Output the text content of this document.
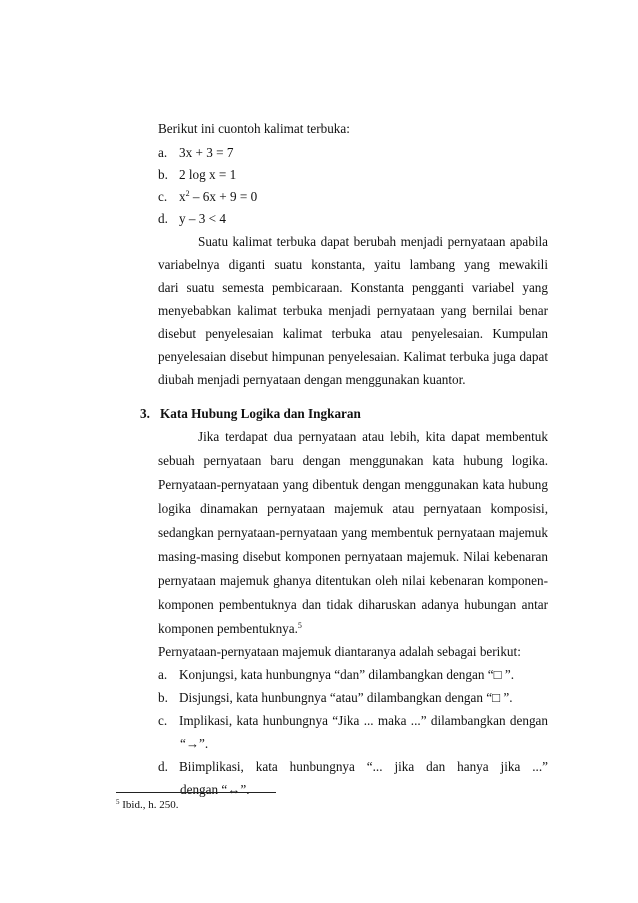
Berikut ini cuontoh kalimat terbuka:
a. 3x + 3 = 7
b. 2 log x = 1
c. $x^2 - 6x + 9 = 0$
d. y – 3 < 4
Suatu kalimat terbuka dapat berubah menjadi pernyataan apabila
variabelnya diganti suatu konstanta, yaitu lambang yang mewakili
dari suatu semesta pembicaraan. Konstanta pengganti variabel yang
menyebabkan kalimat terbuka menjadi pernyataan yang bernilai benar
disebut penyelesaian kalimat terbuka atau penyelesaian. Kumpulan
penyelesaian disebut himpunan penyelesaian. Kalimat terbuka juga dapat
diubah menjadi pernyataan dengan menggunakan kuantor.
3. Kata Hubung Logika dan Ingkaran
Jika terdapat dua pernyataan atau lebih, kita dapat membentuk
sebuah pernyataan baru dengan menggunakan kata hubung logika.
Pernyataan-pernyataan yang dibentuk dengan menggunakan kata hubung
logika dinamakan pernyataan majemuk atau pernyataan komposisi,
sedangkan pernyataan-pernyataan yang membentuk pernyataan majemuk
masing-masing disebut komponen pernyataan majemuk. Nilai kebenaran
pernyataan majemuk ghanya ditentukan oleh nilai kebenaran komponen-
komponen pembentuknya dan tidak diharuskan adanya hubungan antar
komponen pembentuknya.$^5$
Pernyataan-pernyataan majemuk diantaranya adalah sebagai berikut:
a. Konjungsi, kata hunbungnya “dan” dilambangkan dengan “□ ”.
b. Disjungsi, kata hunbungnya “atau” dilambangkan dengan “□ ”.
c. Implikasi, kata hunbungnya “Jika ... maka ...” dilambangkan dengan
“→”.
d. Biimplikasi, kata hunbungnya “... jika dan hanya jika ...”
dengan “↔”.
$^5$ Ibid., h. 250.
